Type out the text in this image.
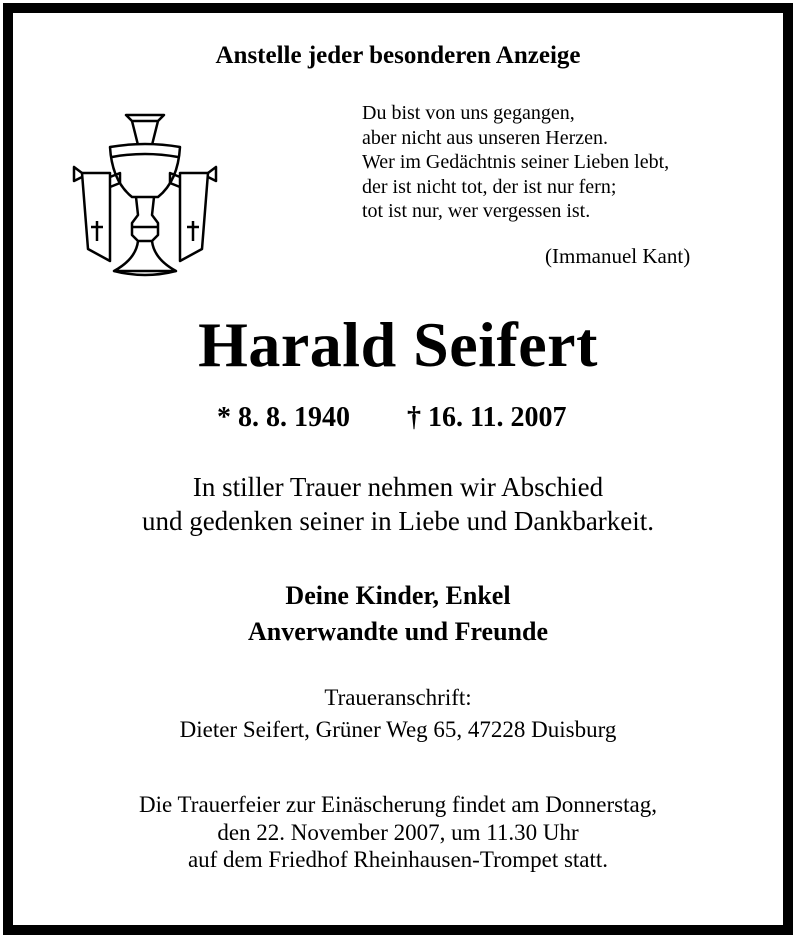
Anstelle jeder besonderen Anzeige
Du bist von uns gegangen,
aber nicht aus unseren Herzen.
Wer im Gedächtnis seiner Lieben lebt,
der ist nicht tot, der ist nur fern;
tot ist nur, wer vergessen ist.
(Immanuel Kant)
Harald Seifert
* 8. 8. 1940 † 16. 11. 2007
In stiller Trauer nehmen wir Abschied
und gedenken seiner in Liebe und Dankbarkeit.
Deine Kinder, Enkel
Anverwandte und Freunde
Traueranschrift:
Dieter Seifert, Grüner Weg 65, 47228 Duisburg
Die Trauerfeier zur Einäscherung findet am Donnerstag,
den 22. November 2007, um 11.30 Uhr
auf dem Friedhof Rheinhausen-Trompet statt.
